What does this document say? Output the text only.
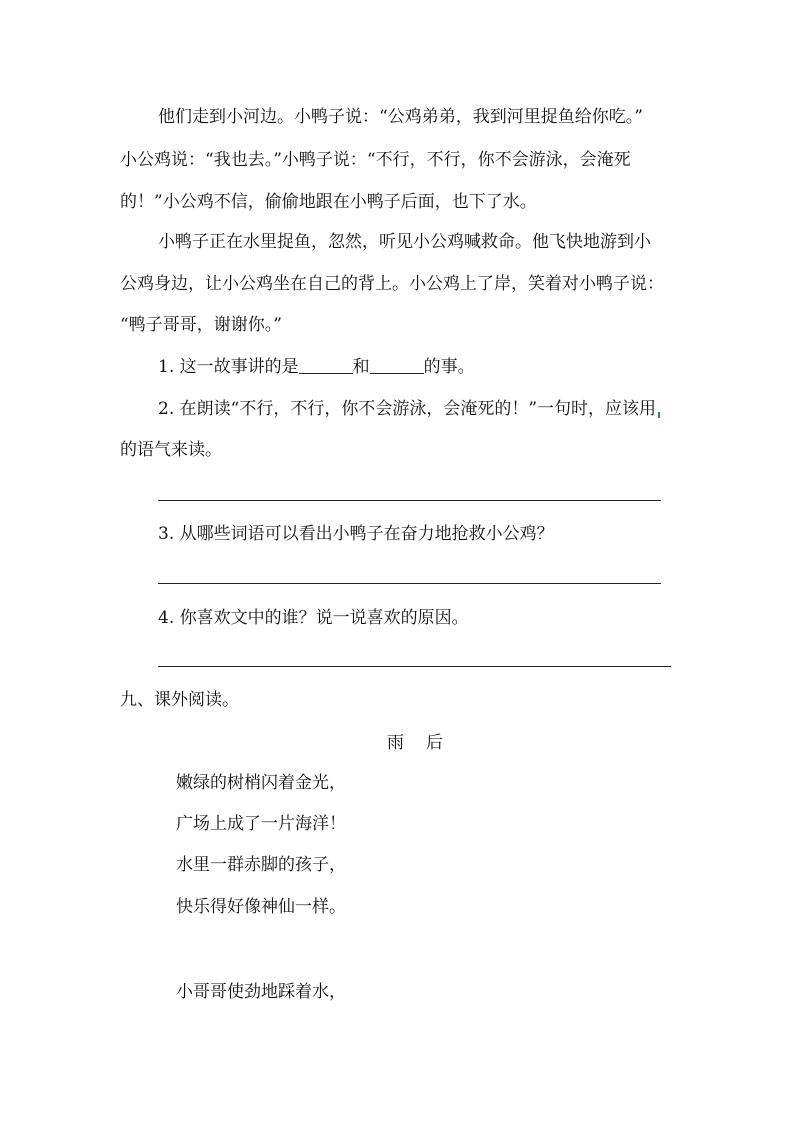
他们走到小河边。小鸭子说：“公鸡弟弟，我到河里捉鱼给你吃。”
小公鸡说：“我也去。”小鸭子说：“不行，不行，你不会游泳，会淹死
的！”小公鸡不信，偷偷地跟在小鸭子后面，也下了水。
小鸭子正在水里捉鱼，忽然，听见小公鸡喊救命。他飞快地游到小
公鸡身边，让小公鸡坐在自己的背上。小公鸡上了岸，笑着对小鸭子说：
“鸭子哥哥，谢谢你。”
1. 这一故事讲的是	和	的事。
2. 在朗读“不行，不行，你不会游泳，会淹死的！”一句时，应该用
的语气来读。
3. 从哪些词语可以看出小鸭子在奋力地抢救小公鸡？
4. 你喜欢文中的谁？说一说喜欢的原因。
九、课外阅读。
雨后
嫩绿的树梢闪着金光，
广场上成了一片海洋！
水里一群赤脚的孩子，
快乐得好像神仙一样。
小哥哥使劲地踩着水，
